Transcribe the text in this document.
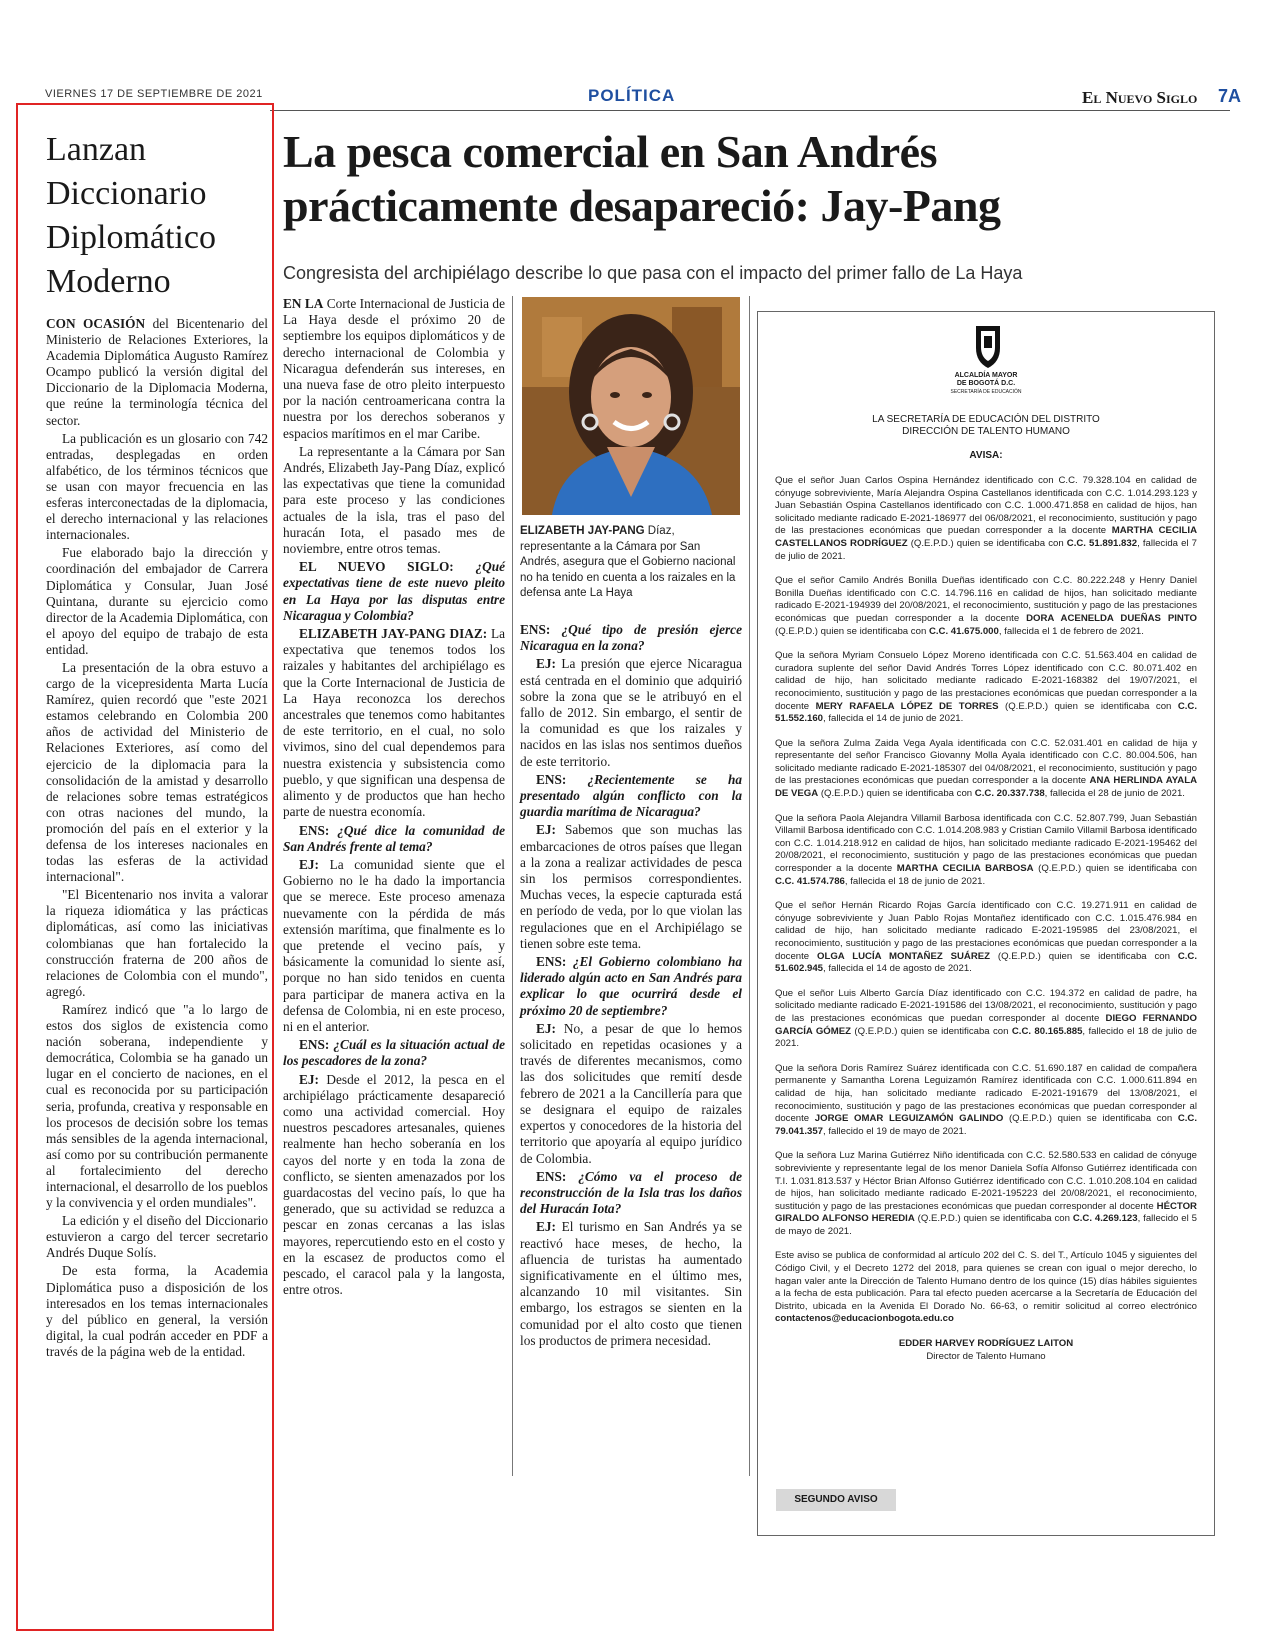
VIERNES 17 DE SEPTIEMBRE DE 2021	POLÍTICA	El Nuevo Siglo 7A
Lanzan
Diccionario
Diplomático
Moderno

CON OCASIÓN del Bicentenario del Ministerio de Relaciones Exteriores, la Academia Diplomática Augusto Ramírez Ocampo publicó la versión digital del Diccionario de la Diplomacia Moderna, que reúne la terminología técnica del sector.

La publicación es un glosario con 742 entradas, desplegadas en orden alfabético, de los términos técnicos que se usan con mayor frecuencia en las esferas interconectadas de la diplomacia, el derecho internacional y las relaciones internacionales.

Fue elaborado bajo la dirección y coordinación del embajador de Carrera Diplomática y Consular, Juan José Quintana, durante su ejercicio como director de la Academia Diplomática, con el apoyo del equipo de trabajo de esta entidad.

La presentación de la obra estuvo a cargo de la vicepresidenta Marta Lucía Ramírez, quien recordó que "este 2021 estamos celebrando en Colombia 200 años de actividad del Ministerio de Relaciones Exteriores, así como del ejercicio de la diplomacia para la consolidación de la amistad y desarrollo de relaciones sobre temas estratégicos con otras naciones del mundo, la promoción del país en el exterior y la defensa de los intereses nacionales en todas las esferas de la actividad internacional".

"El Bicentenario nos invita a valorar la riqueza idiomática y las prácticas diplomáticas, así como las iniciativas colombianas que han fortalecido la construcción fraterna de 200 años de relaciones de Colombia con el mundo", agregó.

Ramírez indicó que "a lo largo de estos dos siglos de existencia como nación soberana, independiente y democrática, Colombia se ha ganado un lugar en el concierto de naciones, en el cual es reconocida por su participación seria, profunda, creativa y responsable en los procesos de decisión sobre los temas más sensibles de la agenda internacional, así como por su contribución permanente al fortalecimiento del derecho internacional, el desarrollo de los pueblos y la convivencia y el orden mundiales".

La edición y el diseño del Diccionario estuvieron a cargo del tercer secretario Andrés Duque Solís.

De esta forma, la Academia Diplomática puso a disposición de los interesados en los temas internacionales y del público en general, la versión digital, la cual podrán acceder en PDF a través de la página web de la entidad.

La pesca comercial en San Andrés
prácticamente desapareció: Jay-Pang
Congresista del archipiélago describe lo que pasa con el impacto del primer fallo de La Haya

EN LA Corte Internacional de Justicia de La Haya desde el próximo 20 de septiembre los equipos diplomáticos y de derecho internacional de Colombia y Nicaragua defenderán sus intereses, en una nueva fase de otro pleito interpuesto por la nación centroamericana contra la nuestra por los derechos soberanos y espacios marítimos en el mar Caribe.

La representante a la Cámara por San Andrés, Elizabeth Jay-Pang Díaz, explicó las expectativas que tiene la comunidad para este proceso y las condiciones actuales de la isla, tras el paso del huracán Iota, el pasado mes de noviembre, entre otros temas.

EL NUEVO SIGLO: ¿Qué expectativas tiene de este nuevo pleito en La Haya por las disputas entre Nicaragua y Colombia?

ELIZABETH JAY-PANG DIAZ: La expectativa que tenemos todos los raizales y habitantes del archipiélago es que la Corte Internacional de Justicia de La Haya reconozca los derechos ancestrales que tenemos como habitantes de este territorio, en el cual, no solo vivimos, sino del cual dependemos para nuestra existencia y subsistencia como pueblo, y que significan una despensa de alimento y de productos que han hecho parte de nuestra economía.

ENS: ¿Qué dice la comunidad de San Andrés frente al tema?

EJ: La comunidad siente que el Gobierno no le ha dado la importancia que se merece. Este proceso amenaza nuevamente con la pérdida de más extensión marítima, que finalmente es lo que pretende el vecino país, y básicamente la comunidad lo siente así, porque no han sido tenidos en cuenta para participar de manera activa en la defensa de Colombia, ni en este proceso, ni en el anterior.

ENS: ¿Cuál es la situación actual de los pescadores de la zona?

EJ: Desde el 2012, la pesca en el archipiélago prácticamente desapareció como una actividad comercial. Hoy nuestros pescadores artesanales, quienes realmente han hecho soberanía en los cayos del norte y en toda la zona de conflicto, se sienten amenazados por los guardacostas del vecino país, lo que ha generado, que su actividad se reduzca a pescar en zonas cercanas a las islas mayores, repercutiendo esto en el costo y en la escasez de productos como el pescado, el caracol pala y la langosta, entre otros.

ELIZABETH JAY-PANG Díaz, representante a la Cámara por San Andrés, asegura que el Gobierno nacional no ha tenido en cuenta a los raizales en la defensa ante La Haya

ENS: ¿Qué tipo de presión ejerce Nicaragua en la zona?

EJ: La presión que ejerce Nicaragua está centrada en el dominio que adquirió sobre la zona que se le atribuyó en el fallo de 2012. Sin embargo, el sentir de la comunidad es que los raizales y nacidos en las islas nos sentimos dueños de este territorio.

ENS: ¿Recientemente se ha presentado algún conflicto con la guardia marítima de Nicaragua?

EJ: Sabemos que son muchas las embarcaciones de otros países que llegan a la zona a realizar actividades de pesca sin los permisos correspondientes. Muchas veces, la especie capturada está en período de veda, por lo que violan las regulaciones que en el Archipiélago se tienen sobre este tema.

ENS: ¿El Gobierno colombiano ha liderado algún acto en San Andrés para explicar lo que ocurrirá desde el próximo 20 de septiembre?

EJ: No, a pesar de que lo hemos solicitado en repetidas ocasiones y a través de diferentes mecanismos, como las dos solicitudes que remití desde febrero de 2021 a la Cancillería para que se designara el equipo de raizales expertos y conocedores de la historia del territorio que apoyaría al equipo jurídico de Colombia.

ENS: ¿Cómo va el proceso de reconstrucción de la Isla tras los daños del Huracán Iota?

EJ: El turismo en San Andrés ya se reactivó hace meses, de hecho, la afluencia de turistas ha aumentado significativamente en el último mes, alcanzando 10 mil visitantes. Sin embargo, los estragos se sienten en la comunidad por el alto costo que tienen los productos de primera necesidad.

ALCALDÍA MAYOR
DE BOGOTÁ D.C.
SECRETARÍA DE EDUCACIÓN
LA SECRETARÍA DE EDUCACIÓN DEL DISTRITO
DIRECCIÓN DE TALENTO HUMANO
AVISA:

Que el señor Juan Carlos Ospina Hernández identificado con C.C. 79.328.104 en calidad de cónyuge sobreviviente, María Alejandra Ospina Castellanos identificada con C.C. 1.014.293.123 y Juan Sebastián Ospina Castellanos identificado con C.C. 1.000.471.858 en calidad de hijos, han solicitado mediante radicado E-2021-186977 del 06/08/2021, el reconocimiento, sustitución y pago de las prestaciones económicas que puedan corresponder a la docente MARTHA CECILIA CASTELLANOS RODRÍGUEZ (Q.E.P.D.) quien se identificaba con C.C. 51.891.832, fallecida el 7 de julio de 2021.

Que el señor Camilo Andrés Bonilla Dueñas identificado con C.C. 80.222.248 y Henry Daniel Bonilla Dueñas identificado con C.C. 14.796.116 en calidad de hijos, han solicitado mediante radicado E-2021-194939 del 20/08/2021, el reconocimiento, sustitución y pago de las prestaciones económicas que puedan corresponder a la docente DORA ACENELDA DUEÑAS PINTO (Q.E.P.D.) quien se identificaba con C.C. 41.675.000, fallecida el 1 de febrero de 2021.

Que la señora Myriam Consuelo López Moreno identificada con C.C. 51.563.404 en calidad de curadora suplente del señor David Andrés Torres López identificado con C.C. 80.071.402 en calidad de hijo, han solicitado mediante radicado E-2021-168382 del 19/07/2021, el reconocimiento, sustitución y pago de las prestaciones económicas que puedan corresponder a la docente MERY RAFAELA LÓPEZ DE TORRES (Q.E.P.D.) quien se identificaba con C.C. 51.552.160, fallecida el 14 de junio de 2021.

Que la señora Zulma Zaida Vega Ayala identificada con C.C. 52.031.401 en calidad de hija y representante del señor Francisco Giovanny Molla Ayala identificado con C.C. 80.004.506, han solicitado mediante radicado E-2021-185307 del 04/08/2021, el reconocimiento, sustitución y pago de las prestaciones económicas que puedan corresponder a la docente ANA HERLINDA AYALA DE VEGA (Q.E.P.D.) quien se identificaba con C.C. 20.337.738, fallecida el 28 de junio de 2021.

Que la señora Paola Alejandra Villamil Barbosa identificada con C.C. 52.807.799, Juan Sebastián Villamil Barbosa identificado con C.C. 1.014.208.983 y Cristian Camilo Villamil Barbosa identificado con C.C. 1.014.218.912 en calidad de hijos, han solicitado mediante radicado E-2021-195462 del 20/08/2021, el reconocimiento, sustitución y pago de las prestaciones económicas que puedan corresponder a la docente MARTHA CECILIA BARBOSA (Q.E.P.D.) quien se identificaba con C.C. 41.574.786, fallecida el 18 de junio de 2021.

Que el señor Hernán Ricardo Rojas García identificado con C.C. 19.271.911 en calidad de cónyuge sobreviviente y Juan Pablo Rojas Montañez identificado con C.C. 1.015.476.984 en calidad de hijo, han solicitado mediante radicado E-2021-195985 del 23/08/2021, el reconocimiento, sustitución y pago de las prestaciones económicas que puedan corresponder a la docente OLGA LUCÍA MONTAÑEZ SUÁREZ (Q.E.P.D.) quien se identificaba con C.C. 51.602.945, fallecida el 14 de agosto de 2021.

Que el señor Luis Alberto García Díaz identificado con C.C. 194.372 en calidad de padre, ha solicitado mediante radicado E-2021-191586 del 13/08/2021, el reconocimiento, sustitución y pago de las prestaciones económicas que puedan corresponder al docente DIEGO FERNANDO GARCÍA GÓMEZ (Q.E.P.D.) quien se identificaba con C.C. 80.165.885, fallecido el 18 de julio de 2021.

Que la señora Doris Ramírez Suárez identificada con C.C. 51.690.187 en calidad de compañera permanente y Samantha Lorena Leguizamón Ramírez identificada con C.C. 1.000.611.894 en calidad de hija, han solicitado mediante radicado E-2021-191679 del 13/08/2021, el reconocimiento, sustitución y pago de las prestaciones económicas que puedan corresponder al docente JORGE OMAR LEGUIZAMÓN GALINDO (Q.E.P.D.) quien se identificaba con C.C. 79.041.357, fallecido el 19 de mayo de 2021.

Que la señora Luz Marina Gutiérrez Niño identificada con C.C. 52.580.533 en calidad de cónyuge sobreviviente y representante legal de los menor Daniela Sofía Alfonso Gutiérrez identificada con T.I. 1.031.813.537 y Héctor Brian Alfonso Gutiérrez identificado con C.C. 1.010.208.104 en calidad de hijos, han solicitado mediante radicado E-2021-195223 del 20/08/2021, el reconocimiento, sustitución y pago de las prestaciones económicas que puedan corresponder al docente HÉCTOR GIRALDO ALFONSO HEREDIA (Q.E.P.D.) quien se identificaba con C.C. 4.269.123, fallecido el 5 de mayo de 2021.

Este aviso se publica de conformidad al artículo 202 del C. S. del T., Artículo 1045 y siguientes del Código Civil, y el Decreto 1272 del 2018, para quienes se crean con igual o mejor derecho, lo hagan valer ante la Dirección de Talento Humano dentro de los quince (15) días hábiles siguientes a la fecha de esta publicación. Para tal efecto pueden acercarse a la Secretaría de Educación del Distrito, ubicada en la Avenida El Dorado No. 66-63, o remitir solicitud al correo electrónico contactenos@educacionbogota.edu.co

EDDER HARVEY RODRÍGUEZ LAITON
Director de Talento Humano
SEGUNDO AVISO
